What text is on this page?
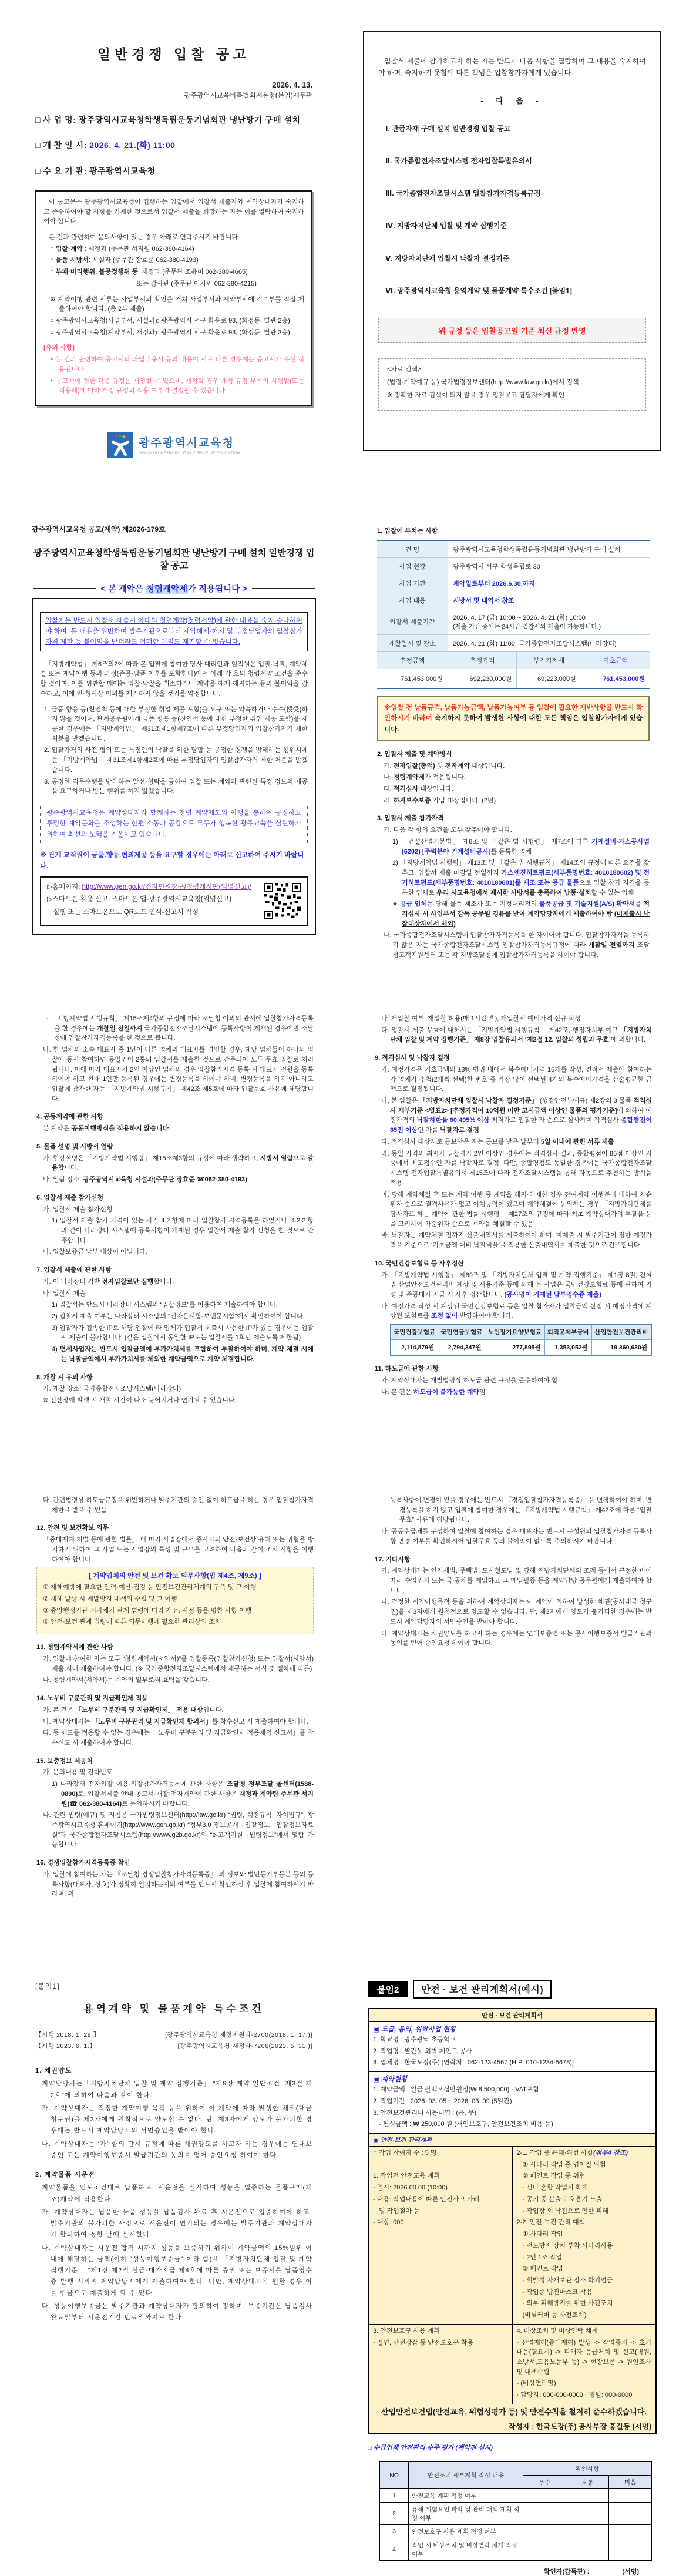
일반경쟁 입찰 공고
2026. 4. 13.
광주광역시교육비특별회계본청(분임)재무관
□ 사 업 명: 광주광역시교육청학생독립운동기념회관 냉난방기 구매 설치
□ 개 찰 일 시: 2026. 4. 21.(화) 11:00
□ 수 요 기 관: 광주광역시교육청
이 공고문은 광주광역시교육청이 집행하는 입찰에서 입찰서 제출자와 계약상대자가 숙지하고 준수하여야 할 사항을 기재한 것으로서 입찰서 제출을 희망하는 자는 이를 열람하여 숙지하여야 합니다.
본 건과 관련하여 문의사항이 있는 경우 아래로 연락주시기 바랍니다.
○ 입찰·계약 : 재정과 (주무관 서지원 062-380-4164)
○ 물품 시방서: 시설과 (주무관 장효준 062-380-4193)
○ 부패·비리행위, 불공정행위 등: 재정과 (주무관 조유미 062-380-4665)
또는 감사관 (주무관 이자민 062-380-4215)
※ 계약이행 관련 서류는 사업부서의 확인을 거쳐 사업부서와 계약부서에 각 1부를 직접 제출하여야 합니다. (총 2부 제출)
○ 광주광역시교육청(사업부서, 시설과): 광주광역시 서구 화운로 93, (화정동, 별관 2층)
○ 광주광역시교육청(계약부서, 재정과): 광주광역시 서구 화운로 93, (화정동, 별관 3층)
[유의 사항]
‣ 본 건과 관련하여 공고서와 과업내용서 등의 내용이 서로 다른 경우에는 공고서가 우선 적용됩니다.
‣ 공고서에 정한 각종 규정은 개정될 수 있으며, 개정될 경우 개정 규정 부칙의 시행일(또는 적용례)에 따라 개정 규정의 적용 여부가 결정될 수 있습니다.
광주광역시교육청
GWANGJU METROPOLITAN OFFICE OF EDUCATION

입찰서 제출에 참가하고자 하는 자는 반드시 다음 사항을 열람하여 그 내용을 숙지하여야 하며, 숙지하지 못함에 따른 책임은 입찰참가자에게 있습니다.

- 다 음 -
Ⅰ. 관급자재 구매 설치 일반경쟁 입찰 공고
Ⅱ. 국가종합전자조달시스템 전자입찰특별유의서
Ⅲ. 국가종합전자조달시스템 입찰참가자격등록규정
Ⅳ. 지방자치단체 입찰 및 계약 집행기준
Ⅴ. 지방자치단체 입찰시 낙찰자 결정기준
Ⅵ. 광주광역시교육청 용역계약 및 물품계약 특수조건 [붙임1]
위 규정 등은 입찰공고일 기준 최신 규정 반영
<자료 검색>
(법령·계약예규 등) 국가법령정보센터(http://www.law.go.kr)에서 검색
※ 정확한 자료 검색이 되지 않을 경우 입찰공고 담당자에게 확인
광주광역시교육청 공고(계약) 제2026-179호
광주광역시교육청학생독립운동기념회관 냉난방기 구매 설치 일반경쟁 입찰 공고
< 본 계약은 청렴계약제가 적용됩니다 >

입찰자는 반드시 입찰서 제출시 아래의 청렴계약(청렴서약)에 관한 내용을 숙지·승낙하여야 하며, 동 내용을 위반하여 발주기관으로부터 계약해제·해지 및 부정당업자의 입찰참가자격 제한 등 불이익을 받더라도 어떠한 이의도 제기할 수 없습니다.

「지방계약법」 제6조의2에 따라 본 입찰에 참여한 당사 대리인과 임직원은 입찰·낙찰, 계약체결 또는 계약이행 등의 과정(준공·납품 이후를 포함한다)에서 아래 각 호의 청렴계약 조건을 준수할 것이며, 이를 위반할 때에는 입찰·낙찰을 취소하거나 계약을 해제·해지하는 등의 불이익을 감수하고, 이에 민·형사상 이의를 제기하지 않을 것임을 약정합니다.
1. 금품·향응 등(친인척 등에 대한 부정한 취업 제공 포함)을 요구 또는 약속하거나 수수(授受)하지 않을 것이며, 관계공무원에게 금품·향응 등(친인척 등에 대한 부정한 취업 제공 포함)을 제공한 경우에는 「지방계약법」 제31조제1항제7호에 따른 부정당업자의 입찰참가자격 제한 처분을 받겠습니다.
2. 입찰가격의 사전 협의 또는 특정인의 낙찰을 위한 담합 등 공정한 경쟁을 방해하는 행위시에는 「지방계약법」 제31조제1항제2호에 따른 부정당업자의 입찰참가자격 제한 처분을 받겠습니다.
3. 공정한 직무수행을 방해하는 알선·청탁을 통하여 입찰 또는 계약과 관련된 특정 정보의 제공을 요구하거나 받는 행위를 하지 않겠습니다.

광주광역시교육청은 계약상대자와 함께하는 청렴 계약제도의 이행을 통하여 공정하고 투명한 계약문화를 조성하는 한편 소통과 공감으로 모두가 행복한 광주교육을 실현하기 위하여 최선의 노력을 기울이고 있습니다.

※ 관계 교직원이 금품.향응.편의제공 등을 요구할 경우에는 아래로 신고하여 주시기 바랍니다.

▷홈페이지: http://www.gen.go.kr/전자민원창구/청렴게시판(익명신고)/
▷스마트폰 활용 신고: 스마트폰 앱-광주광역시교육청(익명신고)
실행 또는 스마트폰으로 QR코드 인식-신고서 작성
1. 입찰에 부치는 사항
건 명	광주광역시교육청학생독립운동기념회관 냉난방기 구매 설치		
사업 현장	광주광역시 서구 학생독립로 30		
사업 기간	계약일로부터 2026.6.30.까지		
사업 내용	시방서 및 내역서 참조		
입찰서 제출기간	2026. 4. 17.(금) 10:00 ~ 2026. 4. 21.(화) 10:00
(제출 기간 중에는 24시간 입찰서의 제출이 가능합니다.)		

개찰일시 및 장소	2026. 4. 21.(화) 11:00, 국가종합전자조달시스템(나라장터)		
추정금액	추정가격	부가가치세	기초금액
761,453,000원	692,230,000원	69,223,000원	761,453,000원
※입찰 전 납품규격, 납품가능금액, 납품가능여부 등 입찰에 필요한 제반사항을 반드시 확인하시기 바라며 숙지하지 못하여 발생한 사항에 대한 모든 책임은 입찰참가자에게 있습니다.
2. 입찰서 제출 및 계약방식
가. 전자입찰(총액) 및 전자계약 대상입니다.
나. 청렴계약제가 적용됩니다.
다. 적격심사 대상입니다.
라. 하자보수보증 가입 대상입니다. (2년)
3. 입찰서 제출 참가자격
가. 다음 각 항의 요건을 모두 갖추어야 합니다.
1) 「건설산업기본법」 제8조 및 「같은 법 시행령」 제7조에 따른 기계설비·가스공사업(6202) [주력분야 기계설비공사]를 등록한 업체
2) 「지방계약법 시행령」 제13조 및 「같은 법 시행규칙」 제14조의 규정에 따른 요건을 갖추고, 입찰서 제출 마감일 전일까지 가스엔진히트펌프(세부품명번호: 4010180602) 및 전기히트펌프(세부품명번호: 4010180601)를 제조 또는 공급 물품으로 입찰 참가 지격을 등록한 업체로 우리 시교육청에서 제시한 시방서를 충족하여 납품·설치할 수 있는 업체
※ 공급 업체는 당해 물품 제조사 또는 지정대리점의 물품공급 및 기술지원(A/S) 확약서를 적격심사 시 사업부서 감독 공무원 경유를 받아 계약담당자에게 제출하여야 함 (미제출시 낙찰대상자에서 제외)
나. 국가종합전자조달시스템에 입찰참가자격등록을 한 자이어야 합니다. 입찰참가자격을 등록하지 않은 자는 국가종합전자조달시스템 입찰참가자격등록규정에 따라 개찰일 전일까지 조달청고객지원센터 또는 각 지방조달청에 입찰참가자격등록을 하여야 합니다.
- 「지방계약법 시행규칙」 제15조제4항의 규정에 따라 조달청 이외의 관서에 입찰참가자격등록을 한 경우에는 개찰일 전일까지 국가종합전자조달시스템에 등록사항이 게재된 경우에만 조달청에 입찰참가자격등록을 한 것으로 봅니다.
다. 한 업체의 소속 대표자 중 1인이 다른 업체의 대표자를 겸임할 경우, 해당 업체들이 하나의 입찰에 동시 참여하면 동일인이 2통의 입찰서를 제출한 것으로 간주되어 모두 무효 입찰로 처리됩니다. 이에 따라 대표자가 2인 이상인 업체의 경우 입찰참가자격 등록 시 대표자 전원을 등록하여야 하고 현재 1인만 등록된 경우에는 변경등록을 하여야 하며, 변경등록을 하지 아니하고 입찰에 참가한 자는 「지방계약법 시행규칙」 제42조 제5호에 따라 입찰무효 사유에 해당합니다.
4. 공동계약에 관한 사항
본 계약은 공동이행방식을 적용하지 않습니다.
5. 물품 설명 및 시방서 열람
가. 현장설명은 「지방계약법 시행령」 제15조제3항의 규정에 따라 생략하고, 시방서 열람으로 갈음합니다.
나. 열람 장소: 광주광역시교육청 시설과(주무관 장효준 ☎062-380-4193)
6. 입찰서 제출 참가신청
가. 입찰서 제출 참가신청
1) 입찰서 제출 참가 자격이 있는 자가 4.2.항에 따라 입찰참가 자격등록을 하였거나, 4.2.2.항과 같이 나라장터 시스템에 등록사항이 게재된 경우 입찰서 제출 참가 신청을 한 것으로 간주합니다.
나. 입찰보증금 납부 대상이 아닙니다.
7. 입찰서 제출에 관한 사항
가. 이 나라장터 기반 전자입찰로만 집행합니다.
나. 입찰서 제출
1) 입찰서는 반드시 나라장터 시스템의 “입찰정보”를 이용하여 제출하여야 합니다.
2) 입찰서 제출 여부는 나라장터 시스템의 “전자문서함-보낸문서함”에서 확인하여야 합니다.
3) 입찰자가 접속한 IP로 해당 입찰에 타 업체가 입찰서 제출시 사용한 IP가 있는 경우에는 입찰서 제출이 불가합니다. (같은 입찰에서 동일한 IP로는 입찰서를 1회만 제출토록 제한됨)
4) 면세사업자는 반드시 입찰금액에 부가가치세를 포함하여 투찰하여야 하며, 계약 체결 시에는 낙찰금액에서 부가가치세를 제외한 계약금액으로 계약 체결합니다.
8. 개찰 시 유의 사항
가. 개찰 장소: 국가종합전자조달시스템(나라장터)
※ 전산장애 발생 시 개찰 시간이 다소 늦어지거나 연기될 수 있습니다.
나. 재입찰 여부: 재입찰 허용(매 1시간 후), 재입찰시 예비가격 신규 작성
다. 입찰서 제출 무효에 대해서는 「지방계약법 시행규칙」 제42조, 행정자치부 예규 「지방자치단체 입찰 및 계약 집행기준」 제8장 입찰유의서 ‘제2절 12. 입찰의 성립과 무효’에 의합니다.
9. 적격심사 및 낙찰자 결정
가. 예정가격은 기초금액의 ±3% 범위 내에서 복수예비가격 15개를 작성, 견적서 제출에 참여하는 각 업체가 추첨(2개씩 선택)한 번호 중 가장 많이 선택된 4개의 복수예비가격을 산술평균한 금액으로 결정됩니다.
나. 본 입찰은 「지방자치단체 입찰시 낙찰자 결정기준」 (행정안전부예규) 제2장의 3 물품 적격심사 세부기준 <별표2> [추정가격이 10억원 미만 고시금액 이상인 물품의 평가기준]에 의하여 예정가격의 낙찰하한율 80.495% 이상 최저가로 입찰한 자 순으로 심사하며 적격심사 종합평점이 85점 이상인 자를 낙찰자로 결정
다. 적격심사 대상자로 통보받은 자는 통보를 받은 날부터 5일 이내에 관련 서류 제출
라. 동일 가격의 최저가 입찰자가 2인 이상인 경우에는 적격심사 결과, 종합평점이 85점 이상인 자 중에서 최고점수인 자를 낙찰자로 결정. 다만, 종합평점도 동일한 경우에는 국가종합전자조달시스템 전자입찰특별유의서 제15조에 따라 전자조달시스템을 통해 자동으로 추첨하는 방식을 적용
마. 당해 계약체결 후 또는 계약 이행 중 계약을 해지·해제한 경우 잔여계약 이행분에 대하여 차순위자 순으로 결격사유가 없고 이행능력이 있으며 계약체결에 동의하는 경우 「지방자치단체를 당사자로 하는 계약에 관한 법률 시행령」 제27조의 규정에 따라 최초 계약상대자의 투찰율 등을 고려하여 차순위자 순으로 계약을 체결할 수 있음
바. 낙찰자는 계약체결 전까지 산출내역서를 제출하여야 하며, 미제출 시 발주기관이 정한 예정가격을 기준으로 ‘기초금액 대비 낙찰비율’을 적용한 산출내역서를 제출한 것으로 간주합니다
10. 국민건강보험료 등 사후정산
가. 「지방계약법 시행령」 제89조 및 「지방자치단체 입찰 및 계약 집행기준」 제1장 8절, 건설업 산업안전보건관리비 계상 및 사용기준 등에 의해 본 사업은 국민건강보험료 등에 관하여 기성 및 준공대가 지급 시 사후 정산합니다. (공사명이 기재된 납부영수증 제출)
나. 예정가격 작성 시 계상된 국민건강보험료 등은 입찰 참가자가 입찰금액 산정 시 예정가격에 계상된 보험료를 조정 없이 반영하여야 합니다.
국민건강보험료	국민연금보험료	노인장기요양보험료	퇴직공제부금비	산업안전보건관리비
2,114,879원	2,794,347원	277,895원	1,353,052원	19,360,630원
11. 하도급에 관한 사항
가. 계약상대자는 개별법령상 하도급 관련 규정을 준수하여야 함
나. 본 건은 하도급이 불가능한 계약임
다. 관련법령상 하도급규정을 위반하거나 발주기관의 승인 없이 하도급을 하는 경우 입찰참가자격 제한을 받을 수 있음
12. 안전 및 보건확보 의무
「중대재해 처벌 등에 관한 법률」 에 따라 사업장에서 종사자의 안전·보건상 유해 또는 위험을 방지하기 위하여 그 사업 또는 사업장의 특성 및 규모를 고려하여 다음과 같이 조치 사항을 이행하여야 합니다.
[ 계약업체의 안전 및 보건 확보 의무사항(법 제4조, 제9조) ]
① 재해예방에 필요한 인력·예산·점검 등 안전보건관리체계의 구축 및 그 이행
② 재해 발생 시 재발방지 대책의 수립 및 그 이행
③ 중앙행정기관·지자체가 관계 법령에 따라 개선, 시정 등을 명한 사항 이행
④ 안전·보건 관계 법령에 따른 의무이행에 필요한 관리상의 조치
13. 청렴계약제에 관한 사항
가. 입찰에 참여한 자는 모두 “청렴계약서(서약서)”를 입찰등록(입찰참가신청) 또는 입찰서(시담서) 제출 시에 제출하여야 합니다. (※ 국가종합전자조달시스템에서 제공하는 서식 및 절차에 따름)
나. 청렴계약서(서약서)는 계약의 일부로써 효력을 갖습니다.
14. 노무비 구분관리 및 지급확인제 적용
가. 본 건은 「노무비 구분관리 및 지급확인제」 적용 대상입니다.
나. 계약상대자는 「노무비 구분관리 및 지급확인제 합의서」를 착수신고 시 제출하여야 합니다.
다. 동 제도를 적용할 수 없는 경우에는 「노무비 구분관리 및 지급확인제 적용제외 신고서」를 착수신고 시 제출하여야 합니다.
15. 보충정보 제공처
가. 문의내용 및 전화번호
1) 나라장터 전자입찰 이용·입찰참가자격등록에 관한 사항은 조달청 정부조달 콜센터(1588-0800)로, 입찰서제출 안내 공고서·개찰·전자계약에 관한 사항은 재정과 계약팀 주무관 서지원(☎ 062-380-4164)로 문의하시기 바랍니다.
나. 관련 법령(예규) 및 지침은 국가법령정보센터(http://law.go.kr) “법령, 행정규칙, 자치법규”, 광주광역시교육청 홈페이지(http://www.gen.go.kr) “정부3.0 정보공개→입찰정보→입찰정보자료실”과 국가종합전자조달시스템(http://www.g2b.go.kr)의 “e-고객지원→법령정보”에서 열람 가능합니다.
16. 경쟁입찰참가자격등록증 확인
가. 입찰에 참여하는 자는 『조달청 경쟁입찰참가자격등록증』 의 정보와 법인등기부등본 등의 등록사항(대표자, 상호)가 정확히 일치하는지의 여부를 반드시 확인하신 후 입찰에 참여하시기 바라며, 위
등록사항에 변경이 있을 경우에는 반드시 『경쟁입찰참가자격등록증』 을 변경하여야 하며, 변경등록을 하지 않고 입찰에 참여한 경우에는 『지방계약법 시행규칙』 제42조에 따른 “입찰무효” 사유에 해당됩니다.
나. 공동수급체를 구성하여 입찰에 참여하는 경우 대표자는 반드시 구성원의 입찰참가자격 등록사항 변경 여부를 확인하시어 입찰무효 등의 불이익이 없도록 주의하시기 바랍니다.
17. 기타사항
가. 계약상대자는 인지세법, 주택법, 도시철도법 및 당해 지방자치단체의 조례 등에서 규정한 바에 따라 수입인지 또는 국·공채를 매입하고 그 매입필증 등을 계약담당 공무원에게 제출하여야 합니다.
나. 적정한 계약이행목적 등을 위하여 계약상대자는 이 계약에 의하여 발생한 채권(공사대금 청구권)을 제3자에게 원칙적으로 양도할 수 없습니다. 단, 제3자에게 양도가 불가피한 경우에는 반드시 계약담당자의 서면승인을 받아야 합니다.
다. 계약상대자는 채권양도를 하고자 하는 경우에는 연대보증인 또는 공사이행보증서 발급기관의 동의를 얻어 승인요청 하여야 합니다.
[붙임1]
용역계약 및 물품계약 특수조건
【시행 2018. 1. 29.】	[광주광역시교육청 재정지원과-2700(2018. 1. 17.)]
【시행 2023. 6. 1.】	[광주광역시교육청 재정과-7206(2023. 5. 31.)]
1. 채권양도
계약담당자는「지방자치단체 입찰 및 계약 집행기준」 “제9장 계약 일반조건, 제3절 제2호”에 의하여 다음과 같이 한다.
가. 계약상대자는 적정한 계약이행 목적 등을 위하여 이 계약에 따라 발생한 채권(대금청구권)을 제3자에게 원칙적으로 양도할 수 없다. 단, 제3자에게 양도가 불가피한 경우에는 반드시 계약담당자의 서면승인을 받아야 한다.
나. 계약상대자는 ‘가’ 항의 단서 규정에 따른 채권양도를 하고자 하는 경우에는 연대보증인 또는 계약이행보증서 발급기관의 동의를 얻어 승인요청 하여야 한다.
2. 계약물품 시운전
계약물품을 인도조건대로 납품하고, 시운전을 실시하여 성능을 입증하는 물품구매(제조)계약에 적용한다.
가. 계약상대자는 납품한 물품 성능을 납품검사 완료 후 시운전으로 입증하여야 하고, 발주기관의 불가피한 사정으로 시운전이 연기되는 경우에는 발주기관과 계약상대자가 합의하여 정한 날에 실시한다.
나. 계약상대자는 시운전 합격 시까지 성능을 보증하기 위하여 계약금액의 15%범위 이내에 해당하는 금액(이하 “성능이행보증금” 이라 함)을 「지방자치단체 입찰 및 계약 집행기준」 “제1장 제2절 선금·대가지급 제4호에 따른 증권 또는 보증서를 납품영수증 발행 시까지 계약담당자에게 제출하여야 한다. 다만, 계약상대자가 원할 경우 이를 현금으로 제출하게 할 수 있다.
다. 성능이행보증금은 발주기관과 계약상대자가 합의하여 정하며, 보증기간은 납품검사 완료일부터 시운전기간 만료일까지로 한다.
붙임2 안전 · 보건 관리계획서(예시)
안전 · 보건 관리계획서	

▣ 도급, 용역, 위탁사업 현황
1. 학교명 : 광주광역 초등학교
2. 작업명 : 별관동 외벽 페인트 공사
3. 업체명 : 한국도장(주) [연락처 : 062-123-4567 (H.P: 010-1234-5678)]	

▣ 계약현황
1. 계약금액 : 일금 팔백오십만원정(₩ 8,500,000) - VAT포함
2. 작업기간 : 2026. 03. 05 ~ 2026. 03. 09.(5일간)
3. 안전보건관리비 사용내역 : (유, 무)
- 편성금액 : ₩ 250,000 원 (개인보호구, 안전보건조치 비용 등)	

▣ 안전·보건 관리계획	

○ 작업 참여자 수 : 5 명

1. 작업전 안전교육 계획
- 일시: 2026.00.00.(10:00)
- 내용: 작업내용에 따른 안전사고 사례
및 작업절차 등
- 대상: 000

2-1. 작업 중 유해·위험 사항(첨부4 참조)
① 사다리 작업 중 넘어질 위험
② 페인트 작업 중 위험
- 신나 혼합 작업시 화재
- 공기 중 분출로 호흡기 노출
- 작업장 외 낙진으로 인한 피해
2-2. 안전·보건 관리 대책
① 사다리 작업
- 전도방지 장치 부착 사다리사용
- 2인 1조 작업
② 페인트 작업
- 휘발성 자재보관 장소 화기엄금
- 작업중 방진마스크 착용
- 외부 피해방지를 위한 사전조치
(비닐커버 등 사전조치)

3. 안전보호구 사용 계획
- 절연, 안전장갑 등 안전보호구 착용

4. 비상조치 및 비상연락 체계
- 산업재해(중대재해) 발생 -> 작업중지 -> 초기대응(필요시) -> 피해자 응급처치 및 신고(병원,소방서,고용노동부 등) -> 현장보존 -> 원인조사 및 대책수립
- (비상연락망)
· 담당자: 000-000-0000 · 병원: 000-0000

산업안전보건법(안전교육, 위험성평가 등) 및 안전수칙을 철저히 준수하겠습니다.
작성자 : 한국도장(주) 공사부장 홍길동 (서명)	
□ 수급업체 안전관리 수준 평가 (계약전 실시)
NO	안전조치 세부계획 작성 내용	확인사항		
		우수	보통	미흡
1	안전교육 계획 적정 여부			
2	유해·위험요인 파악 및 관리 대책 계획 적정 여부			
3	안전보호구 사용 계획 적정 여부			
4	작업 시 비상조치 및 비상연락 체계 적정 여부			
확인자(감독관) :	(서명)
